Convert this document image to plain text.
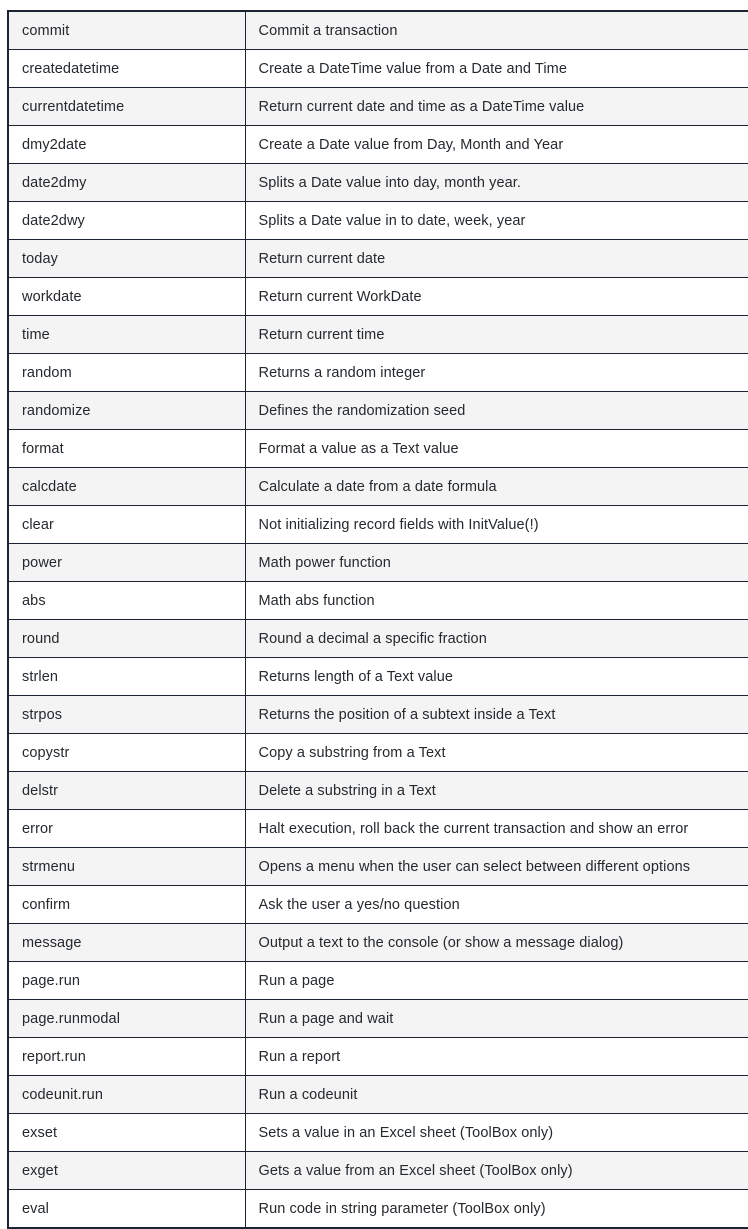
commit	Commit a transaction
createdatetime	Create a DateTime value from a Date and Time
currentdatetime	Return current date and time as a DateTime value
dmy2date	Create a Date value from Day, Month and Year
date2dmy	Splits a Date value into day, month year.
date2dwy	Splits a Date value in to date, week, year
today	Return current date
workdate	Return current WorkDate
time	Return current time
random	Returns a random integer
randomize	Defines the randomization seed
format	Format a value as a Text value
calcdate	Calculate a date from a date formula
clear	Not initializing record fields with InitValue(!)
power	Math power function
abs	Math abs function
round	Round a decimal a specific fraction
strlen	Returns length of a Text value
strpos	Returns the position of a subtext inside a Text
copystr	Copy a substring from a Text
delstr	Delete a substring in a Text
error	Halt execution, roll back the current transaction and show an error
strmenu	Opens a menu when the user can select between different options
confirm	Ask the user a yes/no question
message	Output a text to the console (or show a message dialog)
page.run	Run a page
page.runmodal	Run a page and wait
report.run	Run a report
codeunit.run	Run a codeunit
exset	Sets a value in an Excel sheet (ToolBox only)
exget	Gets a value from an Excel sheet (ToolBox only)
eval	Run code in string parameter (ToolBox only)
